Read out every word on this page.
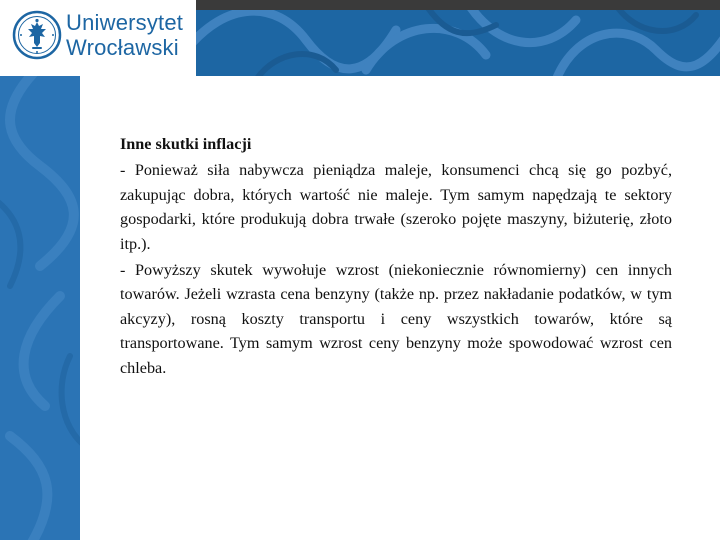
Uniwersytet
Wrocławski

Inne skutki inflacji

- Ponieważ siła nabywcza pieniądza maleje, konsumenci chcą się go pozbyć, zakupując dobra, których wartość nie maleje. Tym samym napędzają te sektory gospodarki, które produkują dobra trwałe (szeroko pojęte maszyny, biżuterię, złoto itp.).

- Powyższy skutek wywołuje wzrost (niekoniecznie równomierny) cen innych towarów. Jeżeli wzrasta cena benzyny (także np. przez nakładanie podatków, w tym akcyzy), rosną koszty transportu i ceny wszystkich towarów, które są transportowane. Tym samym wzrost ceny benzyny może spowodować wzrost cen chleba.
